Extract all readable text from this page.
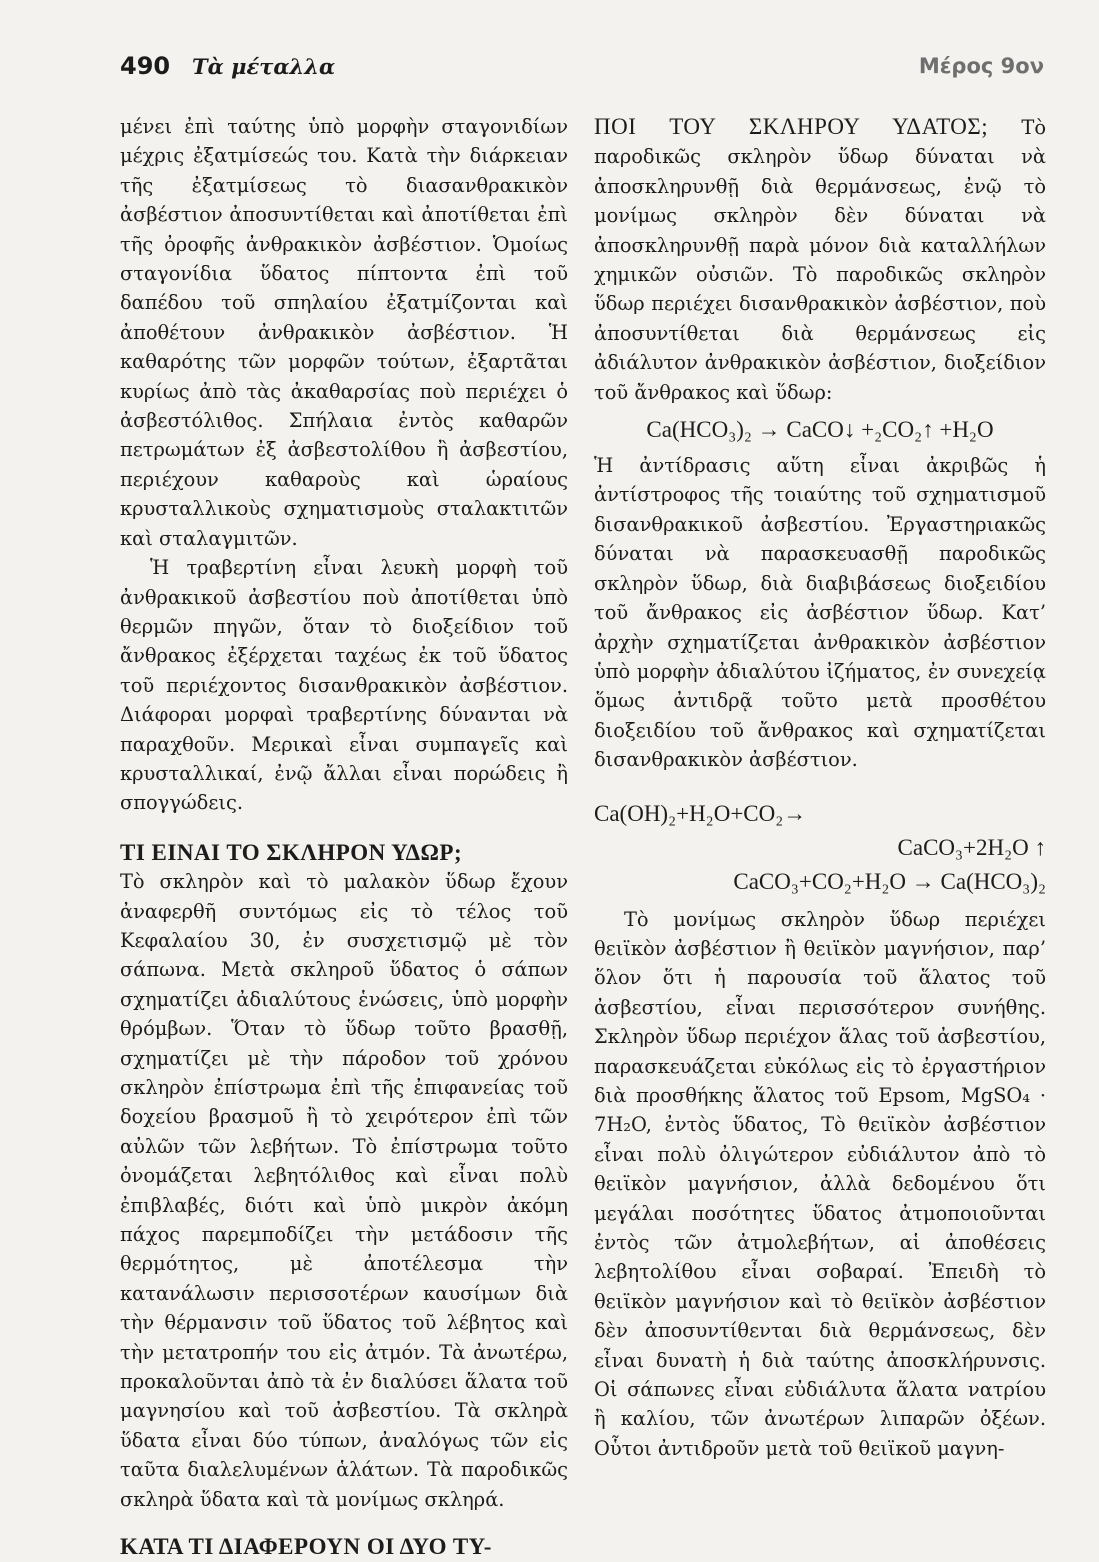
490 Τὰ μέταλλα	Μέρος 9ον

μένει ἐπὶ ταύτης ὑπὸ μορφὴν σταγονιδίων μέχρις ἐξατμίσεώς του. Κατὰ τὴν διάρκειαν τῆς ἐξατμίσεως τὸ διασανθρακικὸν ἀσβέστιον ἀποσυντίθεται καὶ ἀποτίθεται ἐπὶ τῆς ὀροφῆς ἀνθρακικὸν ἀσβέστιον. Ὁμοίως σταγονίδια ὕδατος πίπτοντα ἐπὶ τοῦ δαπέδου τοῦ σπηλαίου ἐξατμίζονται καὶ ἀποθέτουν ἀνθρακικὸν ἀσβέστιον. Ἡ καθαρότης τῶν μορφῶν τούτων, ἐξαρτᾶται κυρίως ἀπὸ τὰς ἀκαθαρσίας ποὺ περιέχει ὁ ἀσβεστόλιθος. Σπήλαια ἐντὸς καθαρῶν πετρωμάτων ἐξ ἀσβεστολίθου ἢ ἀσβεστίου, περιέχουν καθαροὺς καὶ ὡραίους κρυσταλλικοὺς σχηματισμοὺς σταλακτιτῶν καὶ σταλαγμιτῶν.

Ἡ τραβερτίνη εἶναι λευκὴ μορφὴ τοῦ ἀνθρακικοῦ ἀσβεστίου ποὺ ἀποτίθεται ὑπὸ θερμῶν πηγῶν, ὅταν τὸ διοξείδιον τοῦ ἄνθρακος ἐξέρχεται ταχέως ἐκ τοῦ ὕδατος τοῦ περιέχοντος δισανθρακικὸν ἀσβέστιον. Διάφοραι μορφαὶ τραβερτίνης δύνανται νὰ παραχθοῦν. Μερικαὶ εἶναι συμπαγεῖς καὶ κρυσταλλικαί, ἐνῷ ἄλλαι εἶναι πορώδεις ἢ σπογγώδεις.

ΤΙ ΕΙΝΑΙ ΤΟ ΣΚΛΗΡΟΝ ΥΔΩΡ;

Τὸ σκληρὸν καὶ τὸ μαλακὸν ὕδωρ ἔχουν ἀναφερθῆ συντόμως εἰς τὸ τέλος τοῦ Κεφαλαίου 30, ἐν συσχετισμῷ μὲ τὸν σάπωνα. Μετὰ σκληροῦ ὕδατος ὁ σάπων σχηματίζει ἀδιαλύτους ἑνώσεις, ὑπὸ μορφὴν θρόμβων. Ὅταν τὸ ὕδωρ τοῦτο βρασθῇ, σχηματίζει μὲ τὴν πάροδον τοῦ χρόνου σκληρὸν ἐπίστρωμα ἐπὶ τῆς ἐπιφανείας τοῦ δοχείου βρασμοῦ ἢ τὸ χειρότερον ἐπὶ τῶν αὐλῶν τῶν λεβήτων. Τὸ ἐπίστρωμα τοῦτο ὀνομάζεται λεβητόλιθος καὶ εἶναι πολὺ ἐπιβλαβές, διότι καὶ ὑπὸ μικρὸν ἀκόμη πάχος παρεμποδίζει τὴν μετάδοσιν τῆς θερμότητος, μὲ ἀποτέλεσμα τὴν κατανάλωσιν περισσοτέρων καυσίμων διὰ τὴν θέρμανσιν τοῦ ὕδατος τοῦ λέβητος καὶ τὴν μετατροπήν του εἰς ἀτμόν. Τὰ ἀνωτέρω, προκαλοῦνται ἀπὸ τὰ ἐν διαλύσει ἅλατα τοῦ μαγνησίου καὶ τοῦ ἀσβεστίου. Τὰ σκληρὰ ὕδατα εἶναι δύο τύπων, ἀναλόγως τῶν εἰς ταῦτα διαλελυμένων ἁλάτων. Τὰ παροδικῶς σκληρὰ ὕδατα καὶ τὰ μονίμως σκληρά.

ΚΑΤΑ ΤΙ ΔΙΑΦΕΡΟΥΝ ΟΙ ΔΥΟ ΤΥ-

ΠΟΙ ΤΟΥ ΣΚΛΗΡΟΥ ΥΔΑΤΟΣ; Τὸ παροδικῶς σκληρὸν ὕδωρ δύναται νὰ ἀποσκληρυνθῇ διὰ θερμάνσεως, ἐνῷ τὸ μονίμως σκληρὸν δὲν δύναται νὰ ἀποσκληρυνθῇ παρὰ μόνον διὰ καταλλήλων χημικῶν οὐσιῶν. Τὸ παροδικῶς σκληρὸν ὕδωρ περιέχει δισανθρακικὸν ἀσβέστιον, ποὺ ἀποσυντίθεται διὰ θερμάνσεως εἰς ἀδιάλυτον ἀνθρακικὸν ἀσβέστιον, διοξείδιον τοῦ ἄνθρακος καὶ ὕδωρ:

Ca(HCO₃)₂ → CaCO↓ +₂CO₂↑ +H₂O

Ἡ ἀντίδρασις αὕτη εἶναι ἀκριβῶς ἡ ἀντίστροφος τῆς τοιαύτης τοῦ σχηματισμοῦ δισανθρακικοῦ ἀσβεστίου. Ἐργαστηριακῶς δύναται νὰ παρασκευασθῇ παροδικῶς σκληρὸν ὕδωρ, διὰ διαβιβάσεως διοξειδίου τοῦ ἄνθρακος εἰς ἀσβέστιον ὕδωρ. Κατ’ ἀρχὴν σχηματίζεται ἀνθρακικὸν ἀσβέστιον ὑπὸ μορφὴν ἀδιαλύτου ἰζήματος, ἐν συνεχείᾳ ὅμως ἀντιδρᾷ τοῦτο μετὰ προσθέτου διοξειδίου τοῦ ἄνθρακος καὶ σχηματίζεται δισανθρακικὸν ἀσβέστιον.

Ca(OH)₂+H₂O+CO₂→
CaCO₃+2H₂O ↑
CaCO₃+CO₂+H₂O → Ca(HCO₃)₂

Τὸ μονίμως σκληρὸν ὕδωρ περιέχει θειϊκὸν ἀσβέστιον ἢ θειϊκὸν μαγνήσιον, παρ’ ὅλον ὅτι ἡ παρουσία τοῦ ἅλατος τοῦ ἀσβεστίου, εἶναι περισσότερον συνήθης. Σκληρὸν ὕδωρ περιέχον ἅλας τοῦ ἀσβεστίου, παρασκευάζεται εὐκόλως εἰς τὸ ἐργαστήριον διὰ προσθήκης ἅλατος τοῦ Epsom, MgSO₄ · 7H₂O, ἐντὸς ὕδατος, Τὸ θειϊκὸν ἀσβέστιον εἶναι πολὺ ὀλιγώτερον εὐδιάλυτον ἀπὸ τὸ θειϊκὸν μαγνήσιον, ἀλλὰ δεδομένου ὅτι μεγάλαι ποσότητες ὕδατος ἀτμοποιοῦνται ἐντὸς τῶν ἀτμολεβήτων, αἱ ἀποθέσεις λεβητολίθου εἶναι σοβαραί. Ἐπειδὴ τὸ θειϊκὸν μαγνήσιον καὶ τὸ θειϊκὸν ἀσβέστιον δὲν ἀποσυντίθενται διὰ θερμάνσεως, δὲν εἶναι δυνατὴ ἡ διὰ ταύτης ἀποσκλήρυνσις. Οἱ σάπωνες εἶναι εὐδιάλυτα ἅλατα νατρίου ἢ καλίου, τῶν ἀνωτέρων λιπαρῶν ὀξέων. Οὗτοι ἀντιδροῦν μετὰ τοῦ θειϊκοῦ μαγνη-
